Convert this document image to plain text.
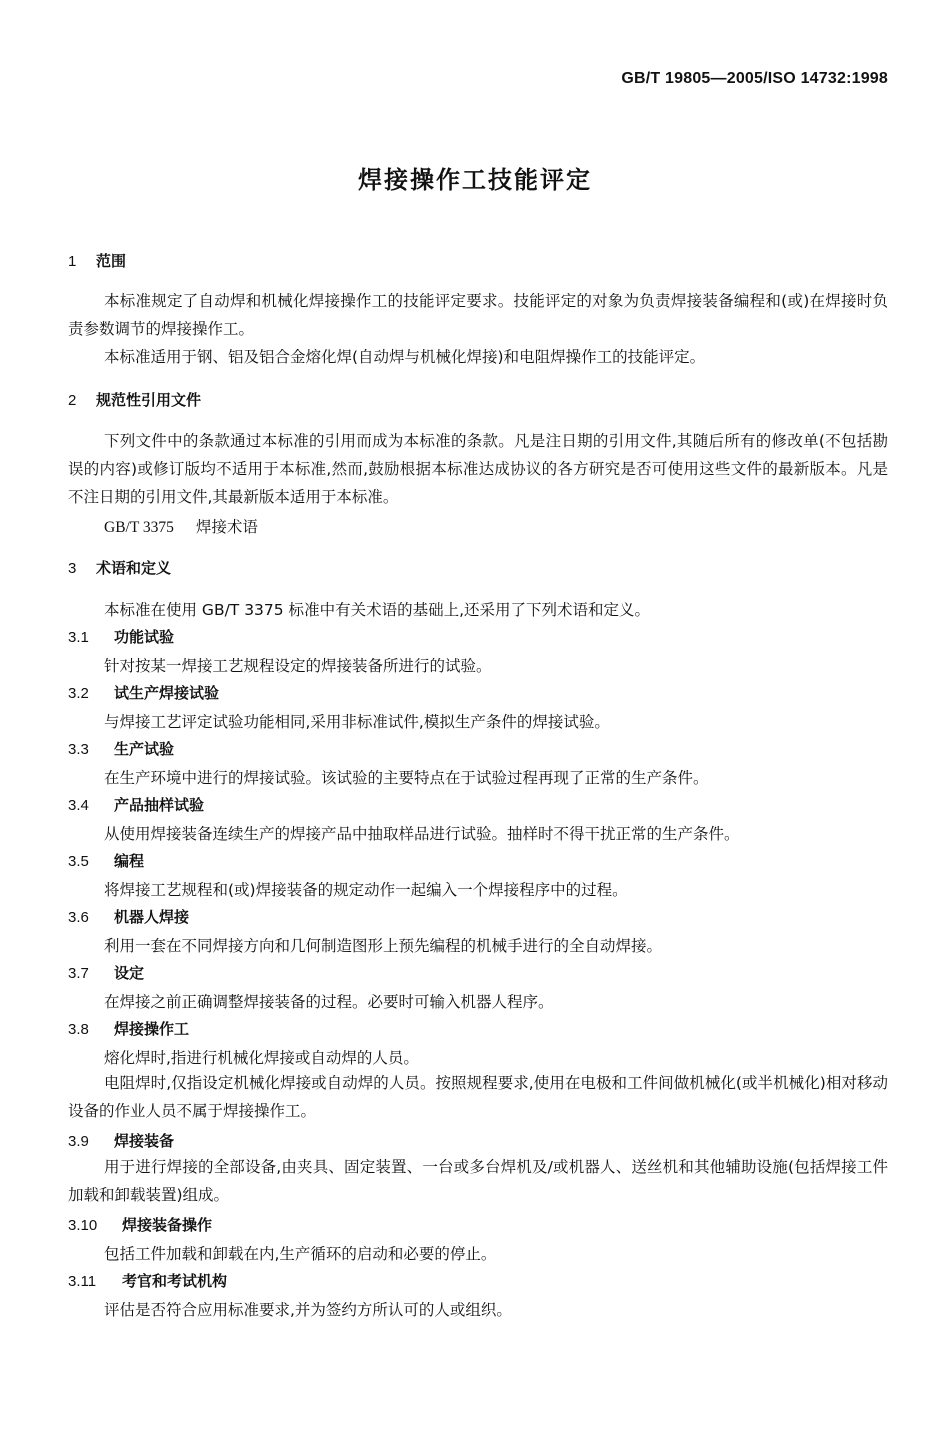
GB/T 19805—2005/ISO 14732:1998
焊接操作工技能评定
1 范围
本标准规定了自动焊和机械化焊接操作工的技能评定要求。技能评定的对象为负责焊接装备编程和(或)在焊接时负责参数调节的焊接操作工。
本标准适用于钢、铝及铝合金熔化焊(自动焊与机械化焊接)和电阻焊操作工的技能评定。
2 规范性引用文件
下列文件中的条款通过本标准的引用而成为本标准的条款。凡是注日期的引用文件,其随后所有的修改单(不包括勘误的内容)或修订版均不适用于本标准,然而,鼓励根据本标准达成协议的各方研究是否可使用这些文件的最新版本。凡是不注日期的引用文件,其最新版本适用于本标准。
GB/T 3375 焊接术语
3 术语和定义
本标准在使用 GB/T 3375 标准中有关术语的基础上,还采用了下列术语和定义。
3.1 功能试验
针对按某一焊接工艺规程设定的焊接装备所进行的试验。
3.2 试生产焊接试验
与焊接工艺评定试验功能相同,采用非标准试件,模拟生产条件的焊接试验。
3.3 生产试验
在生产环境中进行的焊接试验。该试验的主要特点在于试验过程再现了正常的生产条件。
3.4 产品抽样试验
从使用焊接装备连续生产的焊接产品中抽取样品进行试验。抽样时不得干扰正常的生产条件。
3.5 编程
将焊接工艺规程和(或)焊接装备的规定动作一起编入一个焊接程序中的过程。
3.6 机器人焊接
利用一套在不同焊接方向和几何制造图形上预先编程的机械手进行的全自动焊接。
3.7 设定
在焊接之前正确调整焊接装备的过程。必要时可输入机器人程序。
3.8 焊接操作工
熔化焊时,指进行机械化焊接或自动焊的人员。
电阻焊时,仅指设定机械化焊接或自动焊的人员。按照规程要求,使用在电极和工件间做机械化(或半机械化)相对移动设备的作业人员不属于焊接操作工。
3.9 焊接装备
用于进行焊接的全部设备,由夹具、固定装置、一台或多台焊机及/或机器人、送丝机和其他辅助设施(包括焊接工件加载和卸载装置)组成。
3.10 焊接装备操作
包括工件加载和卸载在内,生产循环的启动和必要的停止。
3.11 考官和考试机构
评估是否符合应用标准要求,并为签约方所认可的人或组织。
